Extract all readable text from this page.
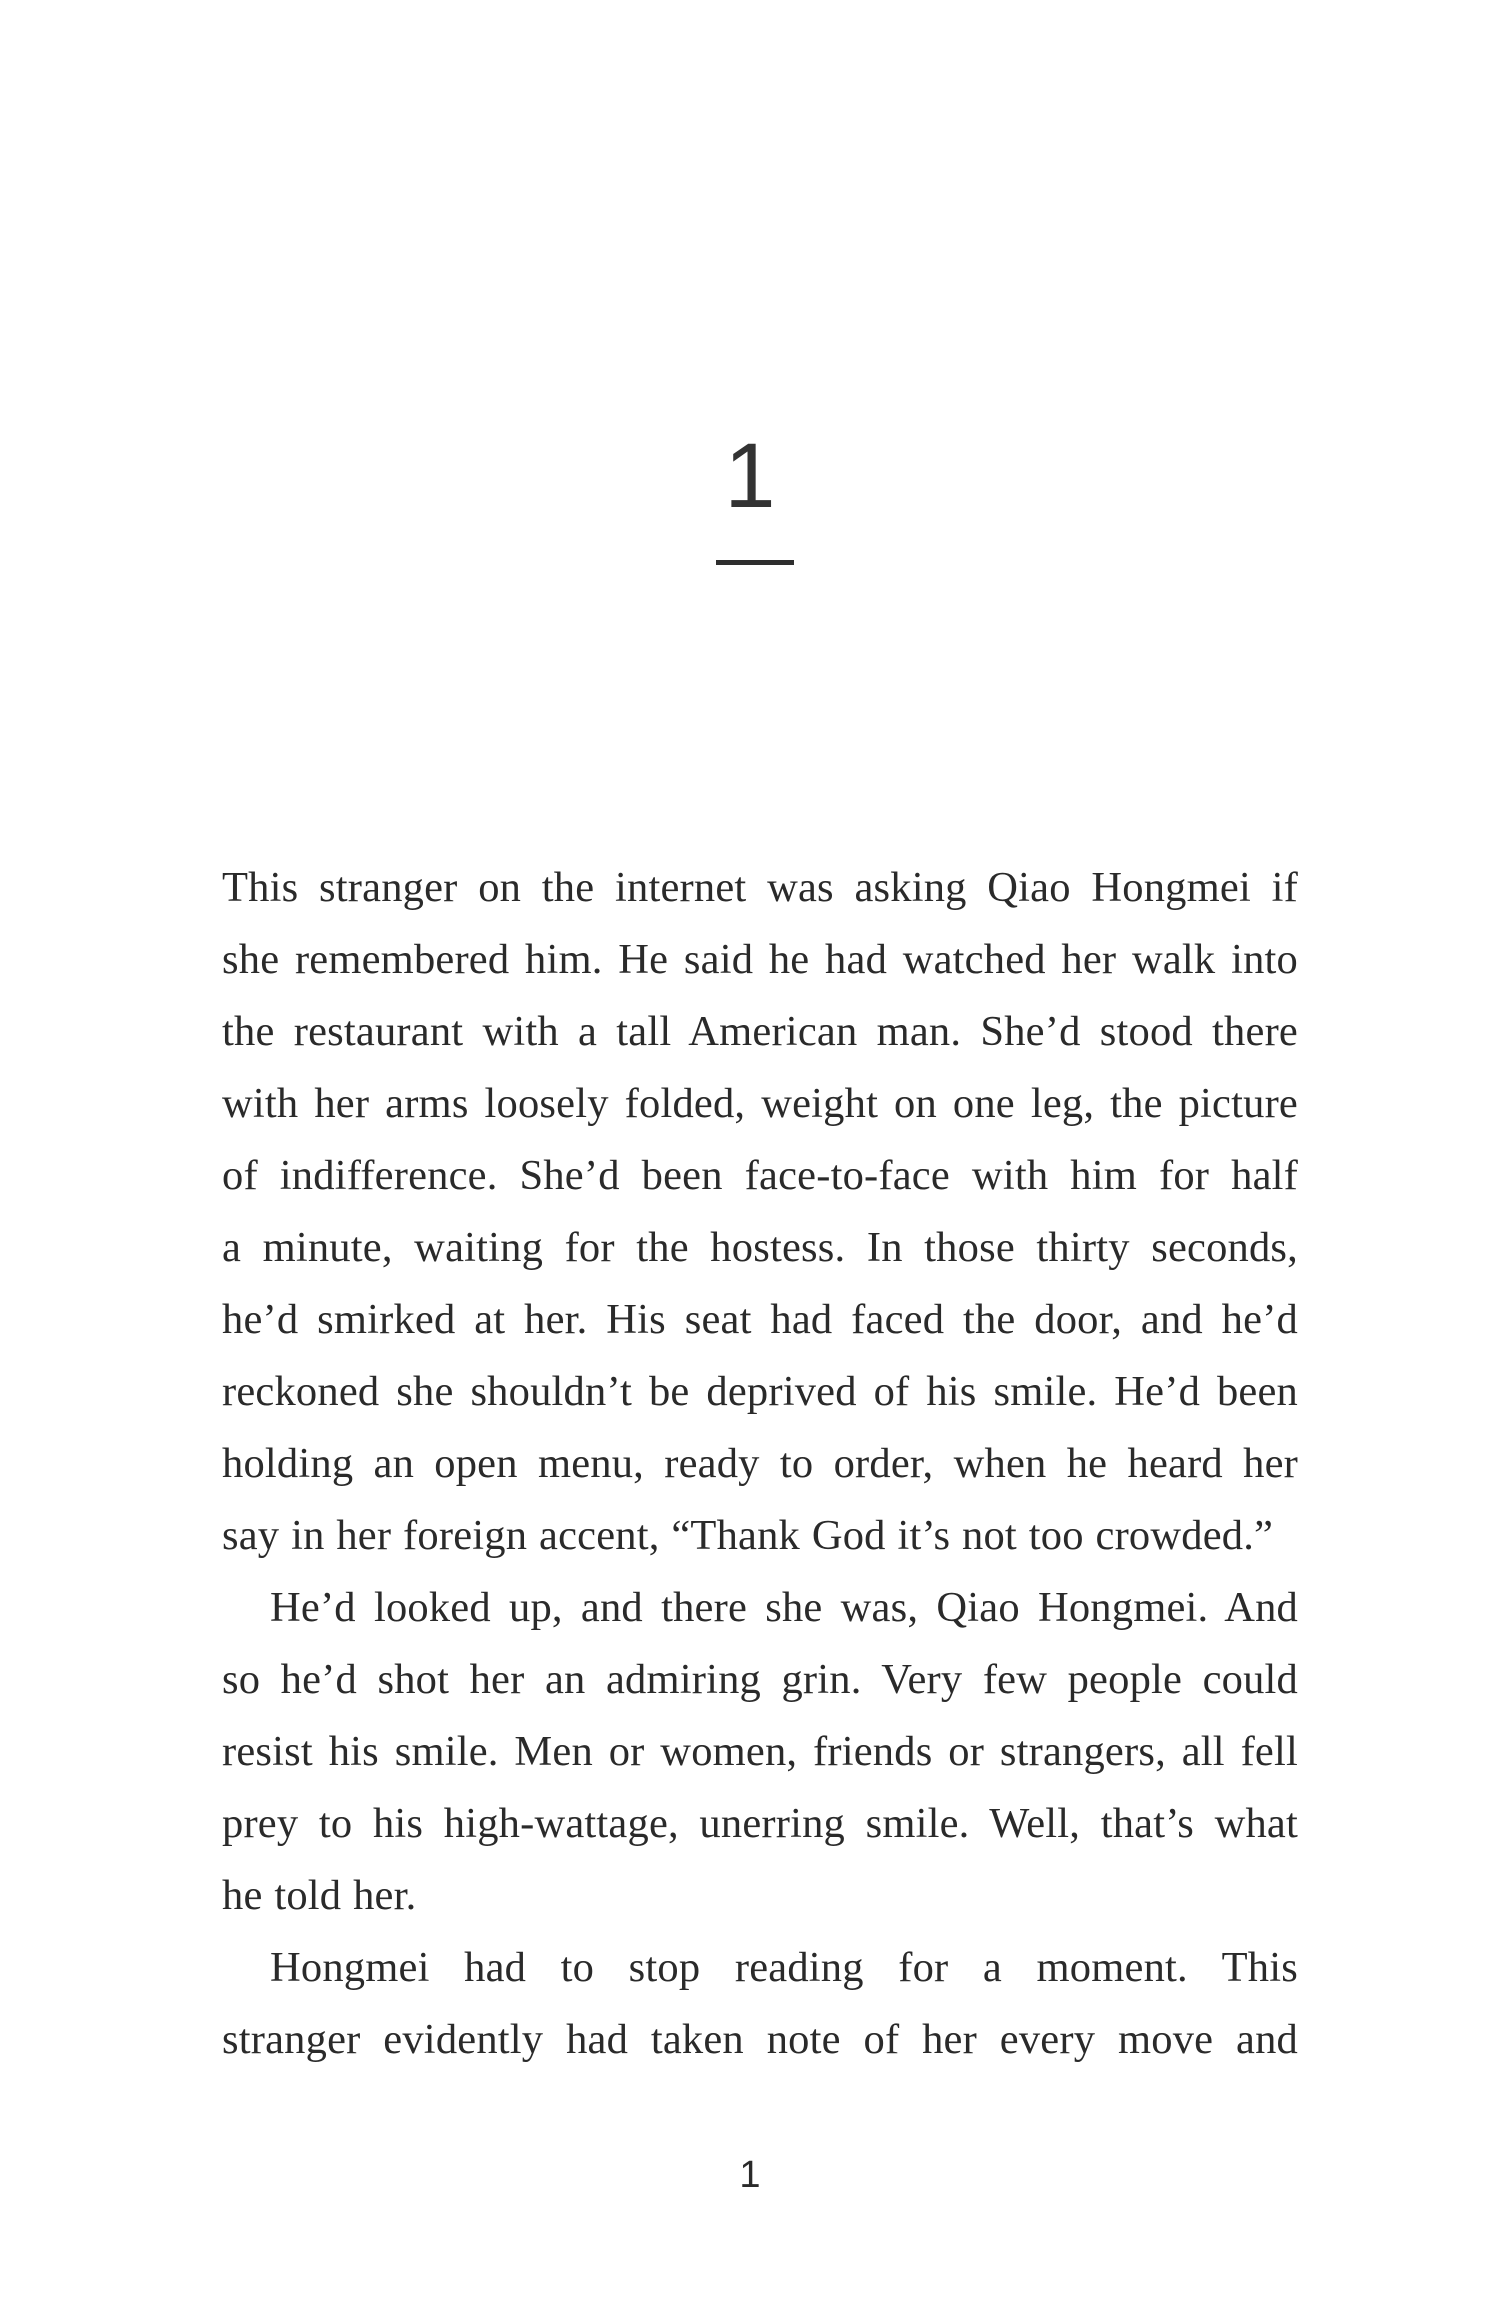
1
This stranger on the internet was asking Qiao Hongmei if
she remembered him. He said he had watched her walk into
the restaurant with a tall American man. She’d stood there
with her arms loosely folded, weight on one leg, the picture
of indifference. She’d been face-to-face with him for half
a minute, waiting for the hostess. In those thirty seconds,
he’d smirked at her. His seat had faced the door, and he’d
reckoned she shouldn’t be deprived of his smile. He’d been
holding an open menu, ready to order, when he heard her
say in her foreign accent, “Thank God it’s not too crowded.”
He’d looked up, and there she was, Qiao Hongmei. And
so he’d shot her an admiring grin. Very few people could
resist his smile. Men or women, friends or strangers, all fell
prey to his high-wattage, unerring smile. Well, that’s what
he told her.
Hongmei had to stop reading for a moment. This
stranger evidently had taken note of her every move and
1
